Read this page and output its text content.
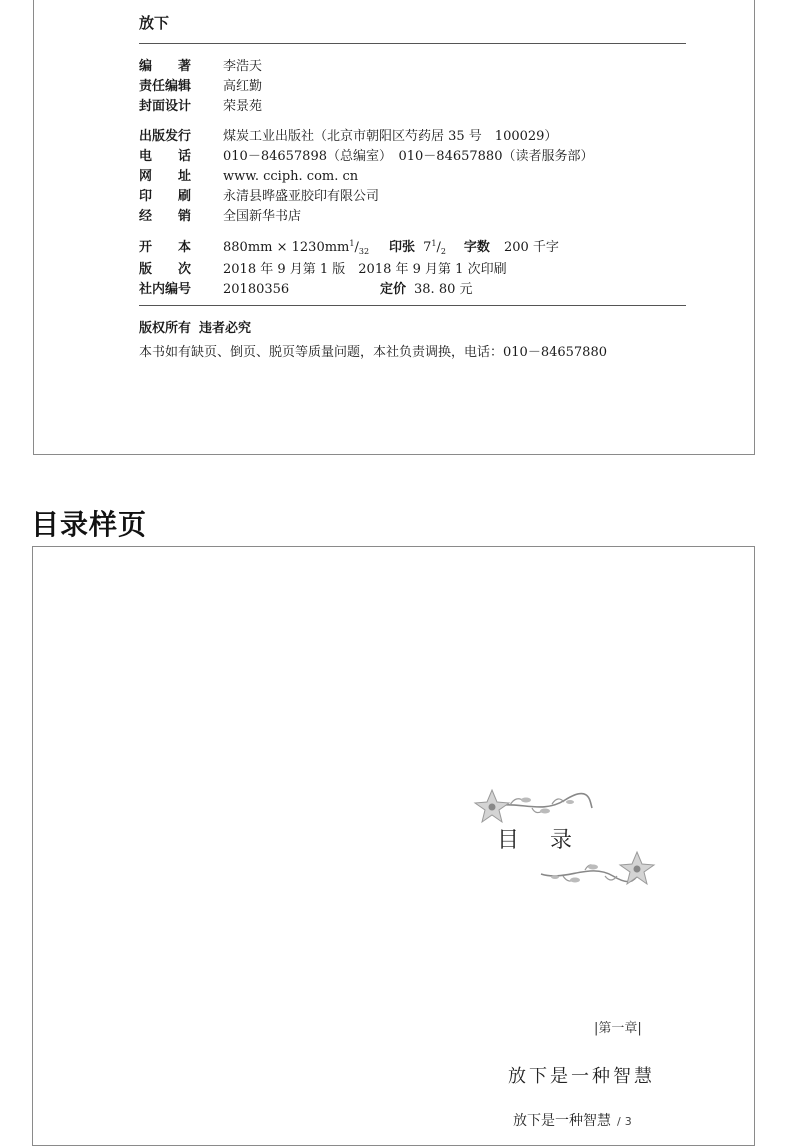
放下
编　　著	李浩天
责任编辑	高红勤
封面设计	荣景苑
出版发行	煤炭工业出版社（北京市朝阳区芍药居 35 号　100029）
电　　话	010－84657898（总编室）　010－84657880（读者服务部）
网　　址	www. cciph. com. cn
印　　刷	永清县晔盛亚胶印有限公司
经　　销	全国新华书店
开　　本	$880mm \times 1230mm^1/_{32}$ 印张 $7^1/_2$ 字数 200 千字
版　　次	2018 年 9 月第 1 版　2018 年 9 月第 1 次印刷
社内编号	20180356	定价 38. 80 元
版权所有 违者必究
本书如有缺页、倒页、脱页等质量问题，本社负责调换，电话：010－84657880
目录样页
目 录
|第一章|
放下是一种智慧
放下是一种智慧 / 3
